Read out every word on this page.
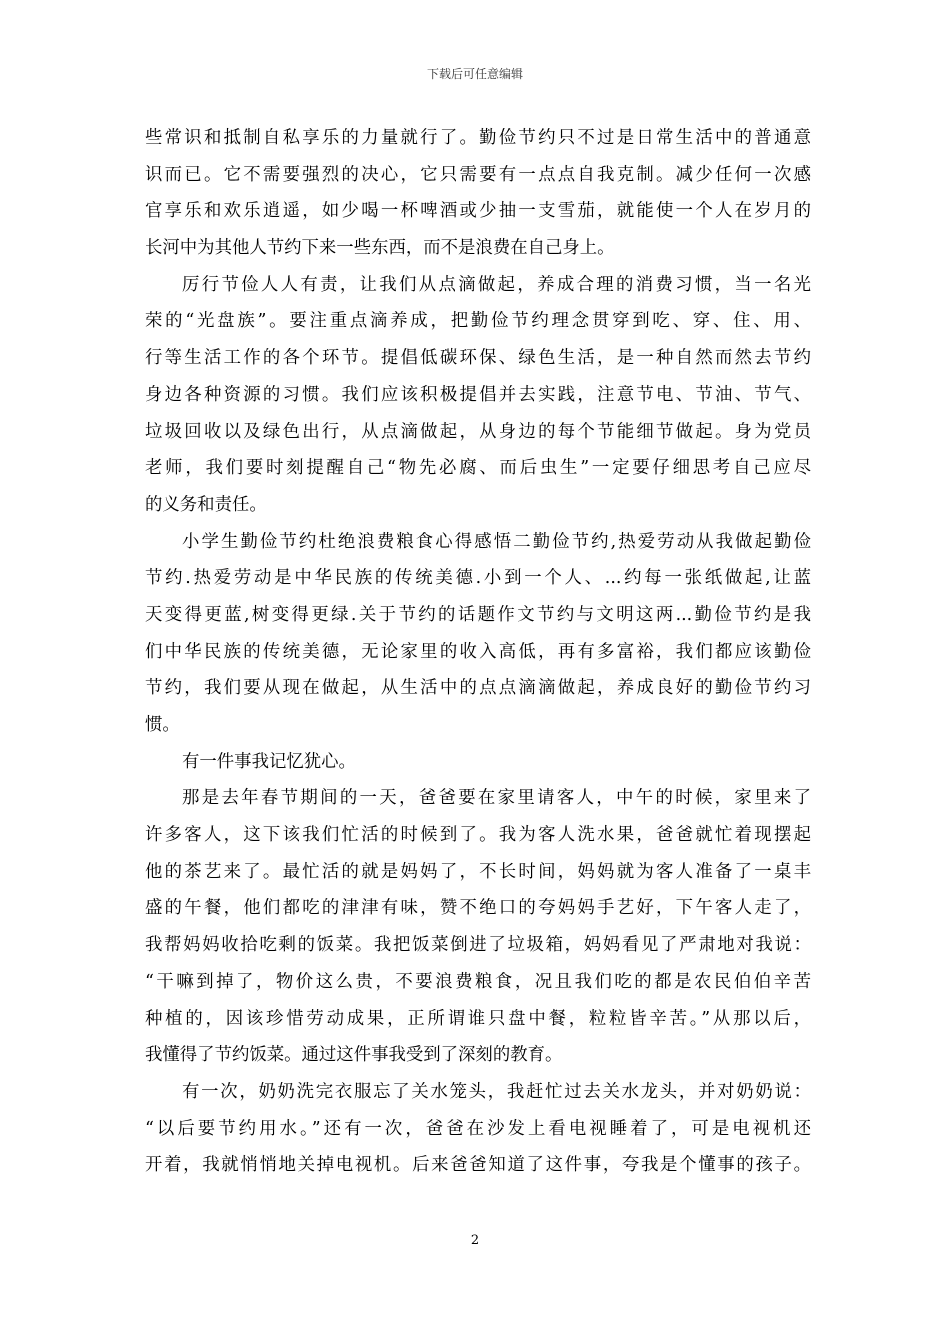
下载后可任意编辑
些常识和抵制自私享乐的力量就行了。勤俭节约只不过是日常生活中的普通意
识而已。它不需要强烈的决心，它只需要有一点点自我克制。减少任何一次感
官享乐和欢乐逍遥，如少喝一杯啤酒或少抽一支雪茄，就能使一个人在岁月的
长河中为其他人节约下来一些东西，而不是浪费在自己身上。
厉行节俭人人有责，让我们从点滴做起，养成合理的消费习惯，当一名光
荣的“光盘族”。要注重点滴养成，把勤俭节约理念贯穿到吃、穿、住、用、
行等生活工作的各个环节。提倡低碳环保、绿色生活，是一种自然而然去节约
身边各种资源的习惯。我们应该积极提倡并去实践，注意节电、节油、节气、
垃圾回收以及绿色出行，从点滴做起，从身边的每个节能细节做起。身为党员
老师，我们要时刻提醒自己“物先必腐、而后虫生”一定要仔细思考自己应尽
的义务和责任。
小学生勤俭节约杜绝浪费粮食心得感悟二勤俭节约,热爱劳动从我做起勤俭
节约.热爱劳动是中华民族的传统美德.小到一个人、...约每一张纸做起,让蓝
天变得更蓝,树变得更绿.关于节约的话题作文节约与文明这两...勤俭节约是我
们中华民族的传统美德，无论家里的收入高低，再有多富裕，我们都应该勤俭
节约，我们要从现在做起，从生活中的点点滴滴做起，养成良好的勤俭节约习
惯。
有一件事我记忆犹心。
那是去年春节期间的一天，爸爸要在家里请客人，中午的时候，家里来了
许多客人，这下该我们忙活的时候到了。我为客人洗水果，爸爸就忙着现摆起
他的茶艺来了。最忙活的就是妈妈了，不长时间，妈妈就为客人准备了一桌丰
盛的午餐，他们都吃的津津有味，赞不绝口的夸妈妈手艺好，下午客人走了，
我帮妈妈收拾吃剩的饭菜。我把饭菜倒进了垃圾箱，妈妈看见了严肃地对我说：
“干嘛到掉了，物价这么贵，不要浪费粮食，况且我们吃的都是农民伯伯辛苦
种植的，因该珍惜劳动成果，正所谓谁只盘中餐，粒粒皆辛苦。”从那以后，
我懂得了节约饭菜。通过这件事我受到了深刻的教育。
有一次，奶奶洗完衣服忘了关水笼头，我赶忙过去关水龙头，并对奶奶说：
“以后要节约用水。”还有一次，爸爸在沙发上看电视睡着了，可是电视机还
开着，我就悄悄地关掉电视机。后来爸爸知道了这件事，夸我是个懂事的孩子。
2
